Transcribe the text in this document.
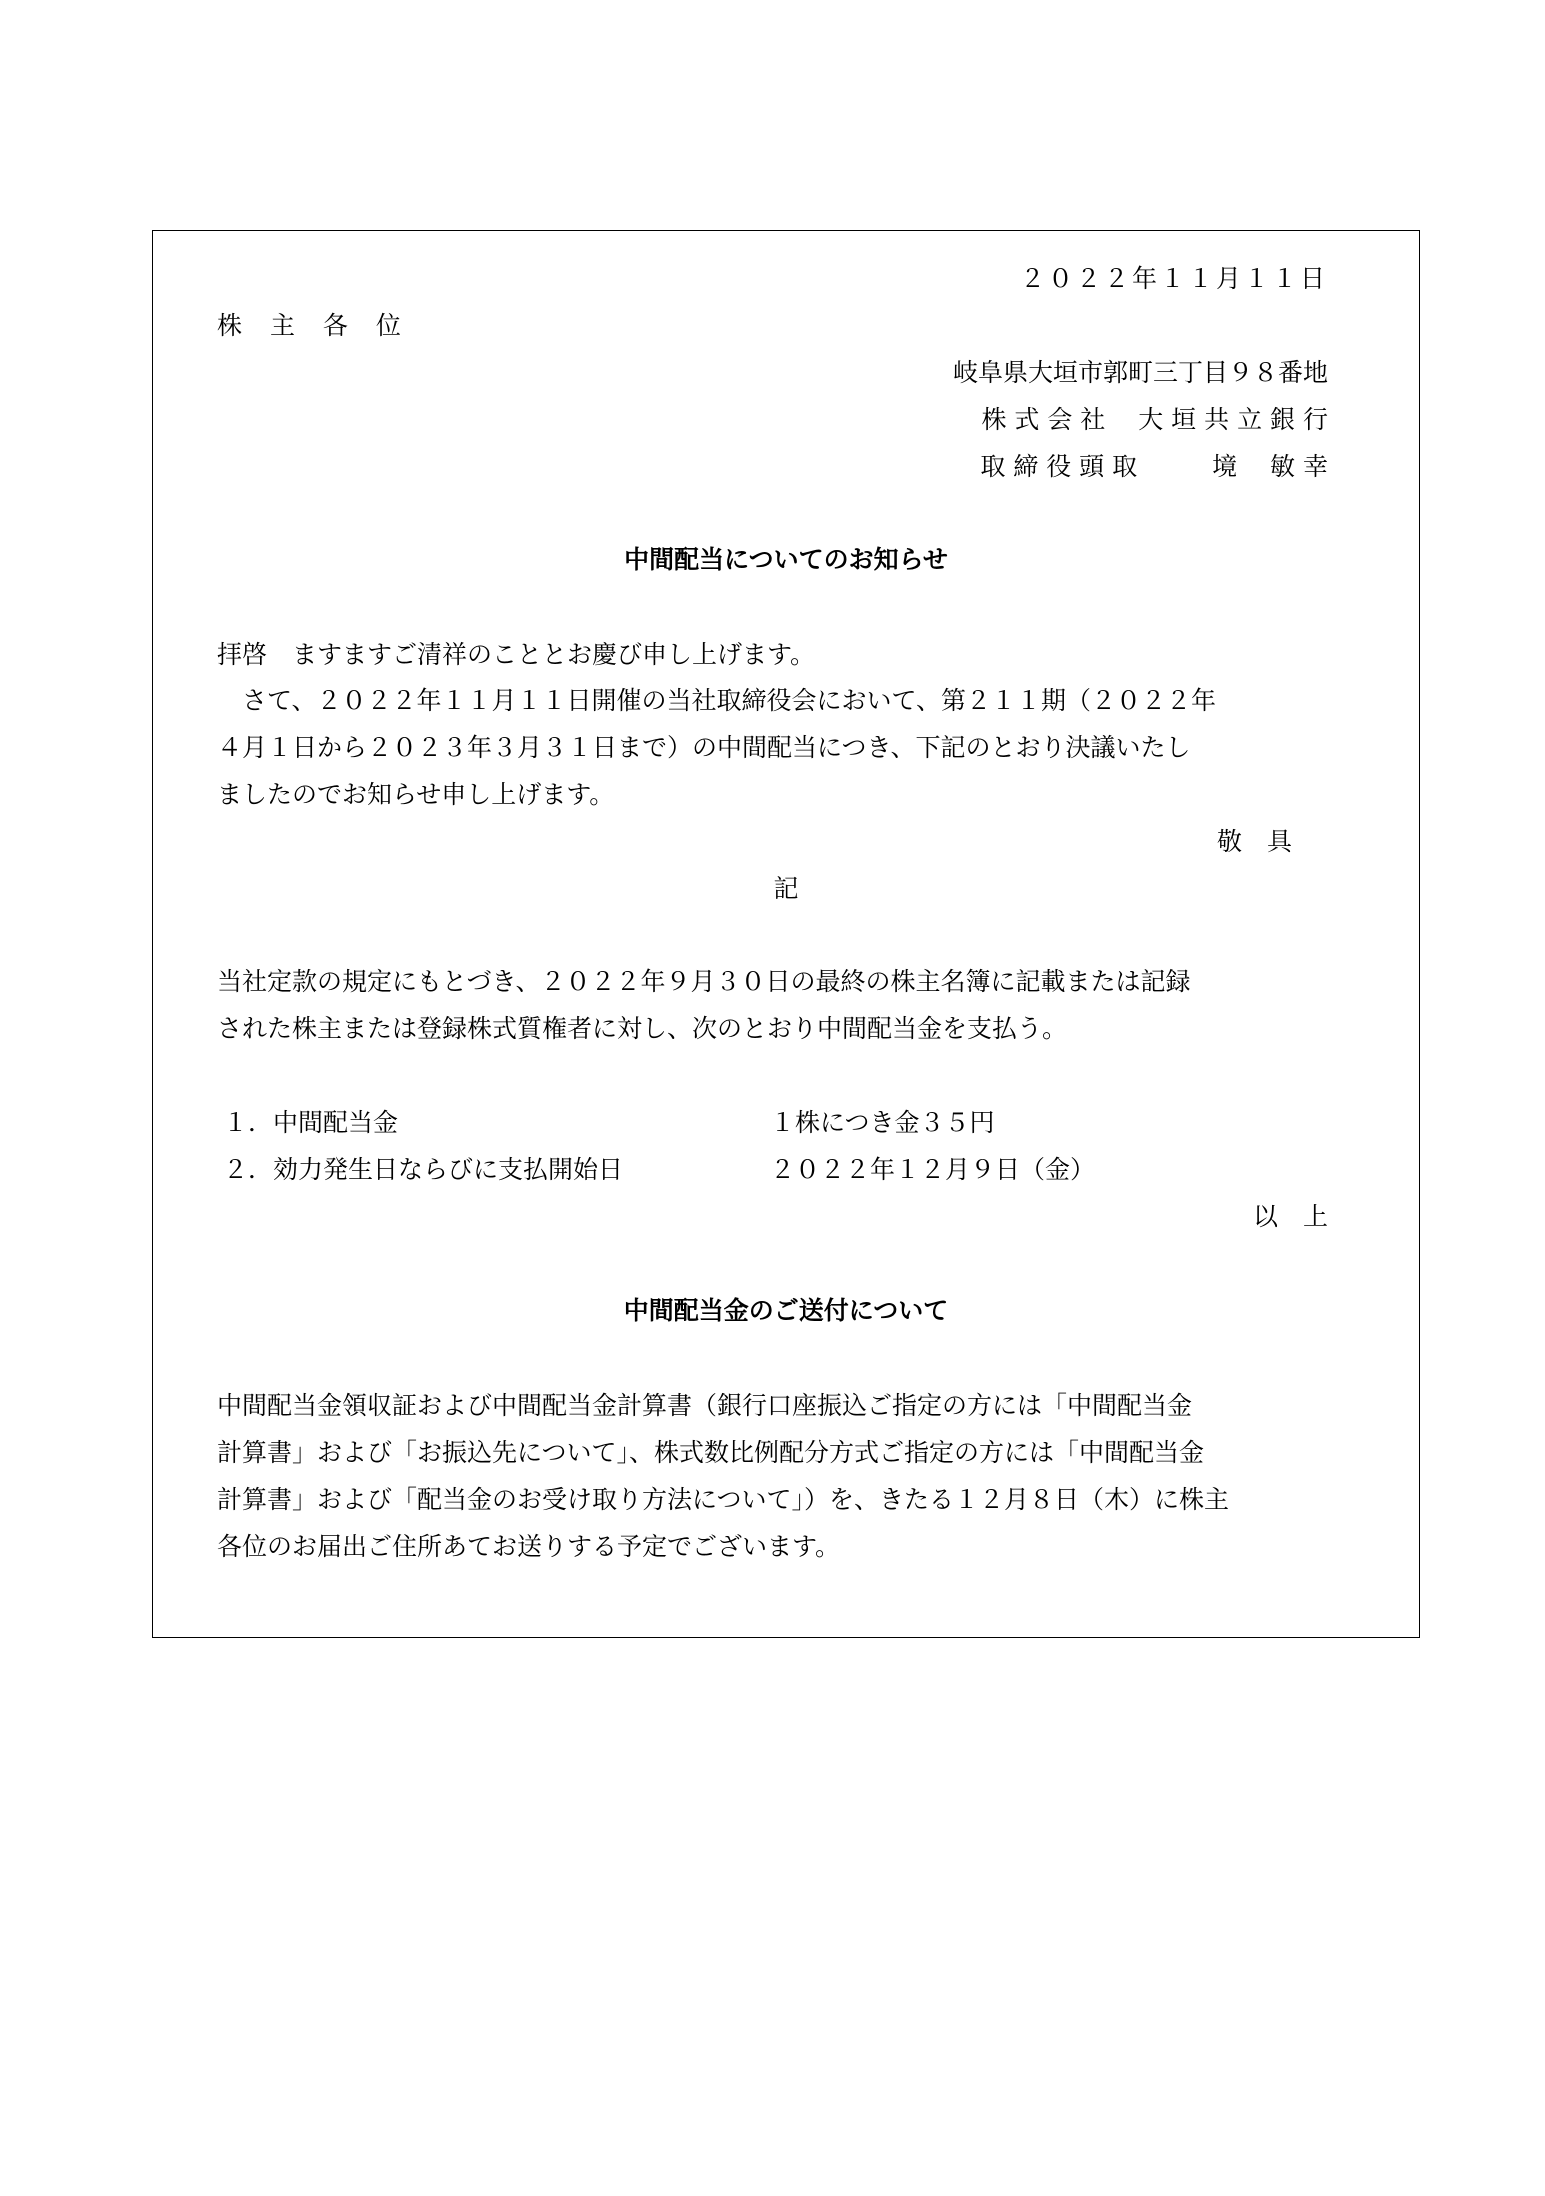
２０２２年１１月１１日
株 主 各 位
岐阜県大垣市郭町三丁目９８番地
株 式 会 社　 大 垣 共 立 銀 行
取 締 役 頭 取　　　境　 敏 幸
中間配当についてのお知らせ
拝啓　ますますご清祥のこととお慶び申し上げます。
　さて、２０２２年１１月１１日開催の当社取締役会において、第２１１期（２０２２年
４月１日から２０２３年３月３１日まで）の中間配当につき、下記のとおり決議いたし
ましたのでお知らせ申し上げます。
敬　具
記
当社定款の規定にもとづき、２０２２年９月３０日の最終の株主名簿に記載または記録
された株主または登録株式質権者に対し、次のとおり中間配当金を支払う。
１．中間配当金	１株につき金３５円
２．効力発生日ならびに支払開始日	２０２２年１２月９日（金）
以　上
中間配当金のご送付について
中間配当金領収証および中間配当金計算書（銀行口座振込ご指定の方には「中間配当金
計算書」および「お振込先について」、株式数比例配分方式ご指定の方には「中間配当金
計算書」および「配当金のお受け取り方法について」）を、きたる１２月８日（木）に株主
各位のお届出ご住所あてお送りする予定でございます。
